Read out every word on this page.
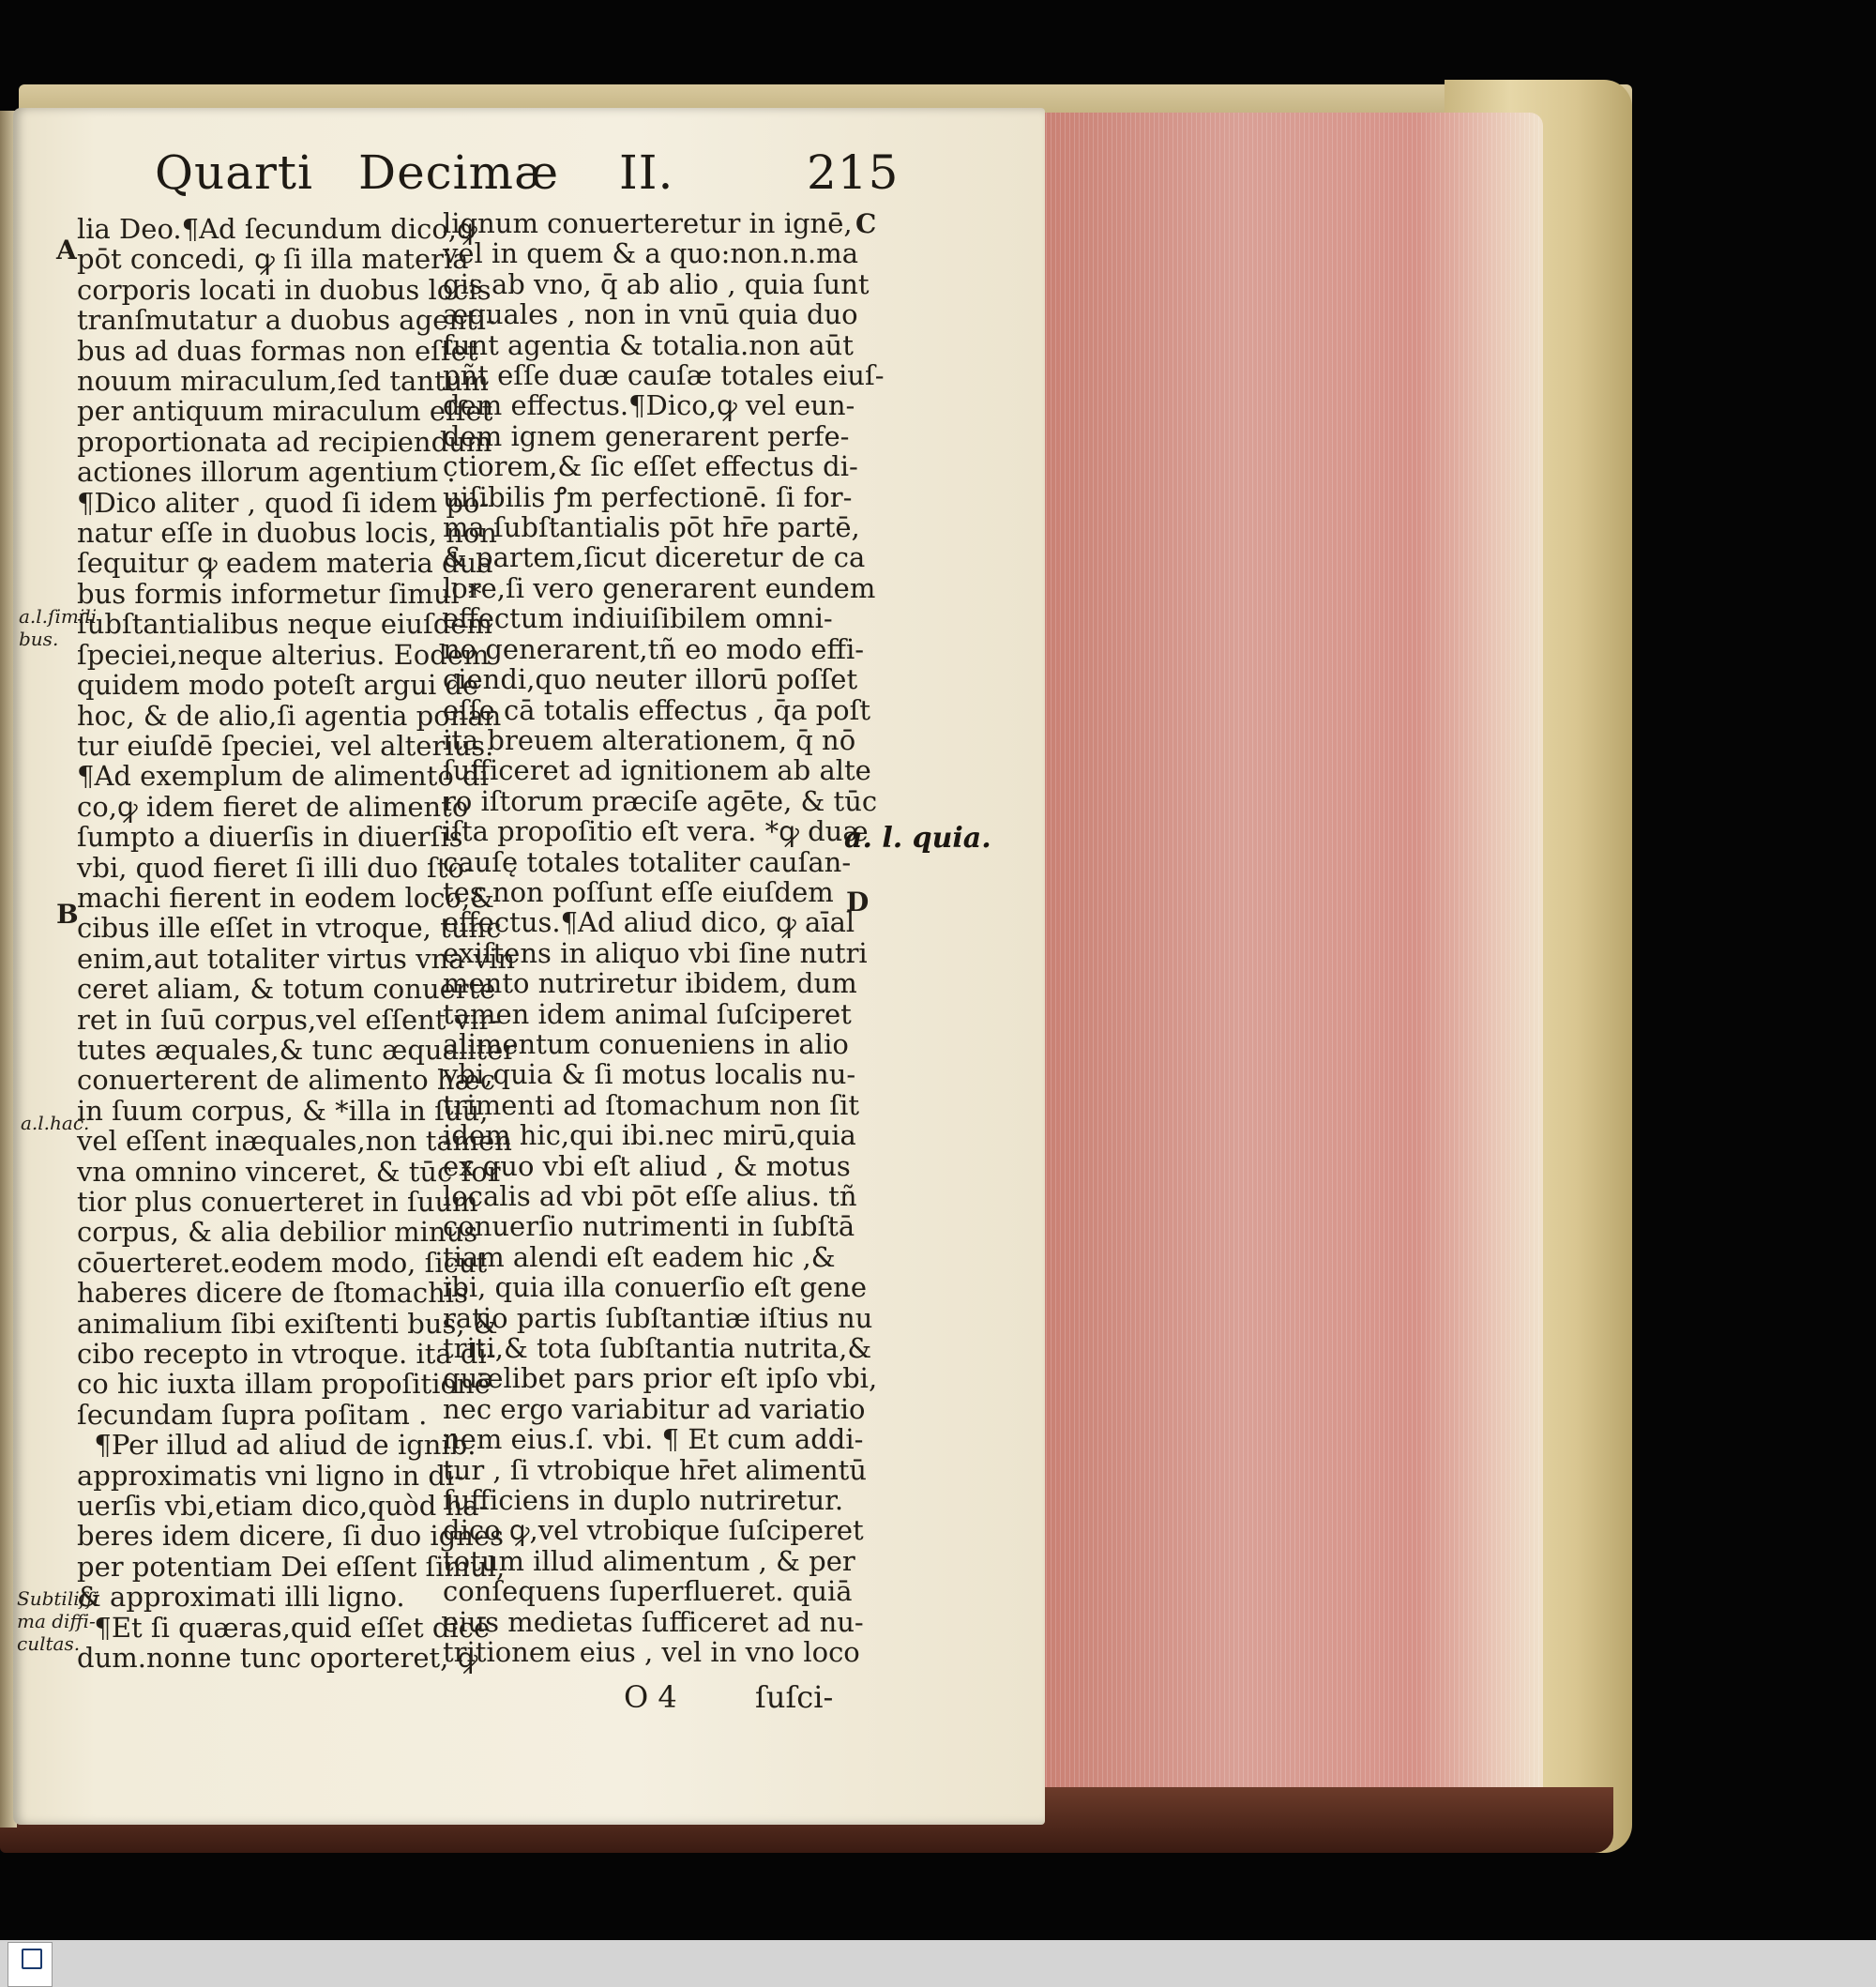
Quarti Decimæ II.	215
lia Deo.¶Ad ſecundum dico,ꝙ
pōt concedi, ꝙ ſi illa materia
corporis locati in duobus locis
tranſmutatur a duobus agenti-
bus ad duas formas non eſſet
nouum miraculum,ſed tantum
per antiquum miraculum eſſet
proportionata ad recipiendum
actiones illorum agentium .
¶Dico aliter , quod ſi idem po-
natur eſſe in duobus locis, non
ſequitur ꝙ eadem materia dua
bus formis informetur ſimul *
ſubſtantialibus neque eiuſdem
ſpeciei,neque alterius. Eodem
quidem modo poteſt argui de
hoc, & de alio,ſi agentia ponan
tur eiuſdē ſpeciei, vel alterius.
¶Ad exemplum de alimento di
co,ꝙ idem fieret de alimento
ſumpto a diuerſis in diuerſis
vbi, quod fieret ſi illi duo ſto-
machi fierent in eodem loco,&
cibus ille eſſet in vtroque, tunc
enim,aut totaliter virtus vna vin
ceret aliam, & totum conuerte
ret in ſuū corpus,vel eſſent vir-
tutes æquales,& tunc æqualiter
conuerterent de alimento hæc
in ſuum corpus, & *illa in ſuū,
vel eſſent inæquales,non tamen
vna omnino vinceret, & tūc for
tior plus conuerteret in ſuum
corpus, & alia debilior minus
cōuerteret.eodem modo, ſicut
haberes dicere de ſtomachis
animalium ſibi exiſtenti bus, &
cibo recepto in vtroque. ita di-
co hic iuxta illam propoſitionē
ſecundam ſupra poſitam .
¶Per illud ad aliud de ignib.
approximatis vni ligno in di-
uerſis vbi,etiam dico,quòd ha-
beres idem dicere, ſi duo ignes
per potentiam Dei eſſent ſimul,
& approximati illi ligno.
¶Et ſi quæras,quid eſſet dicē
dum.nonne tunc oporteret, ꝙ
lignum conuerteretur in ignē,
vel in quem & a quo:non.n.ma
gis ab vno, q̄ ab alio , quia ſunt
æquales , non in vnū quia duo
ſunt agentia & totalia.non aūt
pñt eſſe duæ cauſæ totales eiuſ-
dem effectus.¶Dico,ꝙ vel eun-
dem ignem generarent perfe-
ctiorem,& ſic eſſet effectus di-
uiſibilis ꝭm perfectionē. ſi for-
ma ſubſtantialis pōt hr̄e partē,
& partem,ſicut diceretur de ca
lore,ſi vero generarent eundem
effectum indiuiſibilem omni-
no generarent,tñ eo modo effi-
ciendi,quo neuter illorū poſſet
eſſe cā totalis effectus , q̄a poſt
ita breuem alterationem, q̄ nō
ſufficeret ad ignitionem ab alte
ro iſtorum præciſe agēte, & tūc
iſta propoſitio eſt vera. *ꝙ duæ
cauſę totales totaliter cauſan-
tes non poſſunt eſſe eiuſdem
effectus.¶Ad aliud dico, ꝙ aīal
exiſtens in aliquo vbi ſine nutri
mento nutriretur ibidem, dum
tamen idem animal ſuſciperet
alimentum conueniens in alio
vbi,quia & ſi motus localis nu-
trimenti ad ſtomachum non ſit
idem hic,qui ibi.nec mirū,quia
ex quo vbi eſt aliud , & motus
localis ad vbi pōt eſſe alius. tñ
conuerſio nutrimenti in ſubſtā
tiam alendi eſt eadem hic ,&
ibi, quia illa conuerſio eſt gene
ratio partis ſubſtantiæ iſtius nu
triti,& tota ſubſtantia nutrita,&
quælibet pars prior eſt ipſo vbi,
nec ergo variabitur ad variatio
nem eius.ſ. vbi. ¶ Et cum addi-
tur , ſi vtrobique hr̄et alimentū
ſufficiens in duplo nutriretur.
dico ꝙ,vel vtrobique ſuſciperet
totum illud alimentum , & per
conſequens ſuperflueret. quiā
eius medietas ſufficeret ad nu-
tritionem eius , vel in vno loco
A
B
C
D
a.l.ſimili
bus.
a.l.hac.
Subtiliſſi
ma diffi-
cultas.
a. l. quia.
O 4	ſuſci-
